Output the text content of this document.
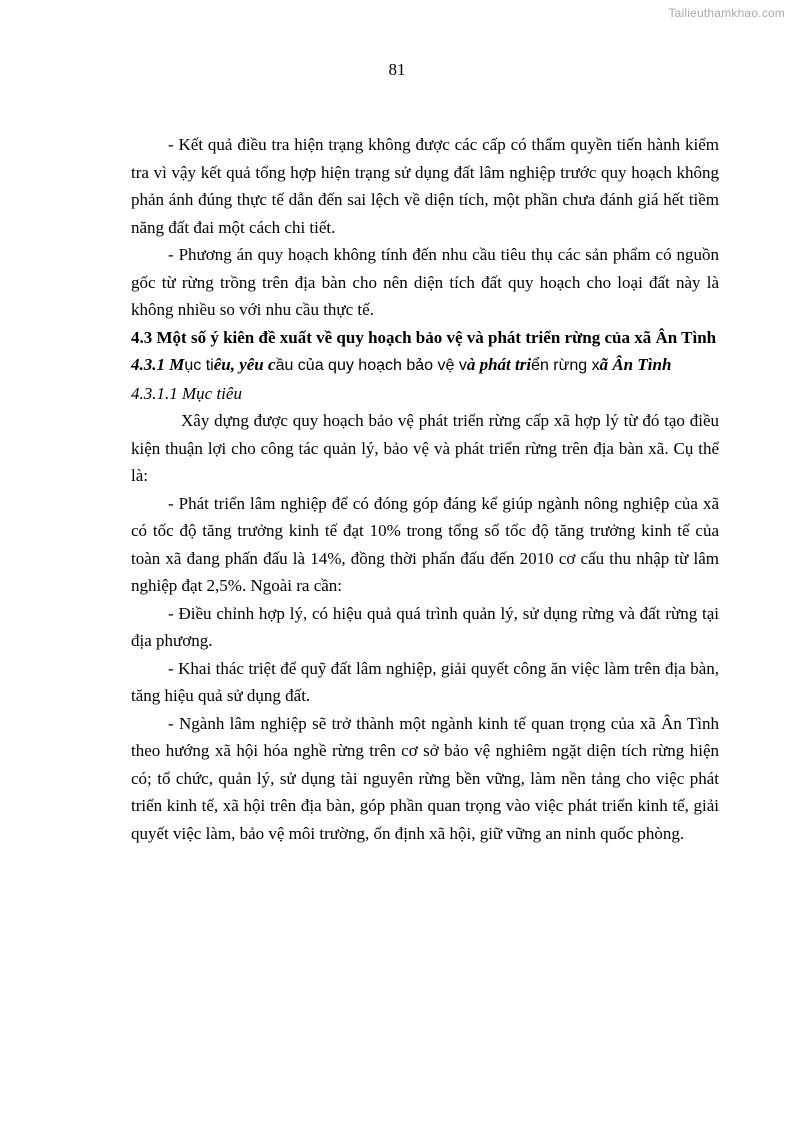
Tailieuthamkhao.com
81

- Kết quả điều tra hiện trạng không được các cấp có thẩm quyền tiến hành kiểm tra vì vậy kết quả tổng hợp hiện trạng sử dụng đất lâm nghiệp trước quy hoạch không phản ánh đúng thực tế dẫn đến sai lệch về diện tích, một phần chưa đánh giá hết tiềm năng đất đai một cách chi tiết.

- Phương án quy hoạch không tính đến nhu cầu tiêu thụ các sản phẩm có nguồn gốc từ rừng trồng trên địa bàn cho nên diện tích đất quy hoạch cho loại đất này là không nhiều so với nhu cầu thực tế.

4.3 Một số ý kiên đề xuất về quy hoạch bảo vệ và phát triển rừng của xã Ân Tình

4.3.1 Mục tiêu, yêu cầu của quy hoạch bảo vệ và phát triển rừng xã Ân Tình

4.3.1.1 Mục tiêu

Xây dựng được quy hoạch bảo vệ phát triển rừng cấp xã hợp lý từ đó tạo điều kiện thuận lợi cho công tác quản lý, bảo vệ và phát triển rừng trên địa bàn xã. Cụ thể là:

- Phát triển lâm nghiệp để có đóng góp đáng kể giúp ngành nông nghiệp của xã có tốc độ tăng trưởng kinh tế đạt 10% trong tổng số tốc độ tăng trưởng kinh tế của toàn xã đang phấn đấu là 14%, đồng thời phấn đấu đến 2010 cơ cấu thu nhập từ lâm nghiệp đạt 2,5%. Ngoài ra cần:

- Điều chỉnh hợp lý, có hiệu quả quá trình quản lý, sử dụng rừng và đất rừng tại địa phương.

- Khai thác triệt để quỹ đất lâm nghiệp, giải quyết công ăn việc làm trên địa bàn, tăng hiệu quả sử dụng đất.

- Ngành lâm nghiệp sẽ trở thành một ngành kinh tế quan trọng của xã Ân Tình theo hướng xã hội hóa nghề rừng trên cơ sở bảo vệ nghiêm ngặt diện tích rừng hiện có; tổ chức, quản lý, sử dụng tài nguyên rừng bền vững, làm nền tảng cho việc phát triển kinh tế, xã hội trên địa bàn, góp phần quan trọng vào việc phát triển kinh tế, giải quyết việc làm, bảo vệ môi trường, ổn định xã hội, giữ vững an ninh quốc phòng.
